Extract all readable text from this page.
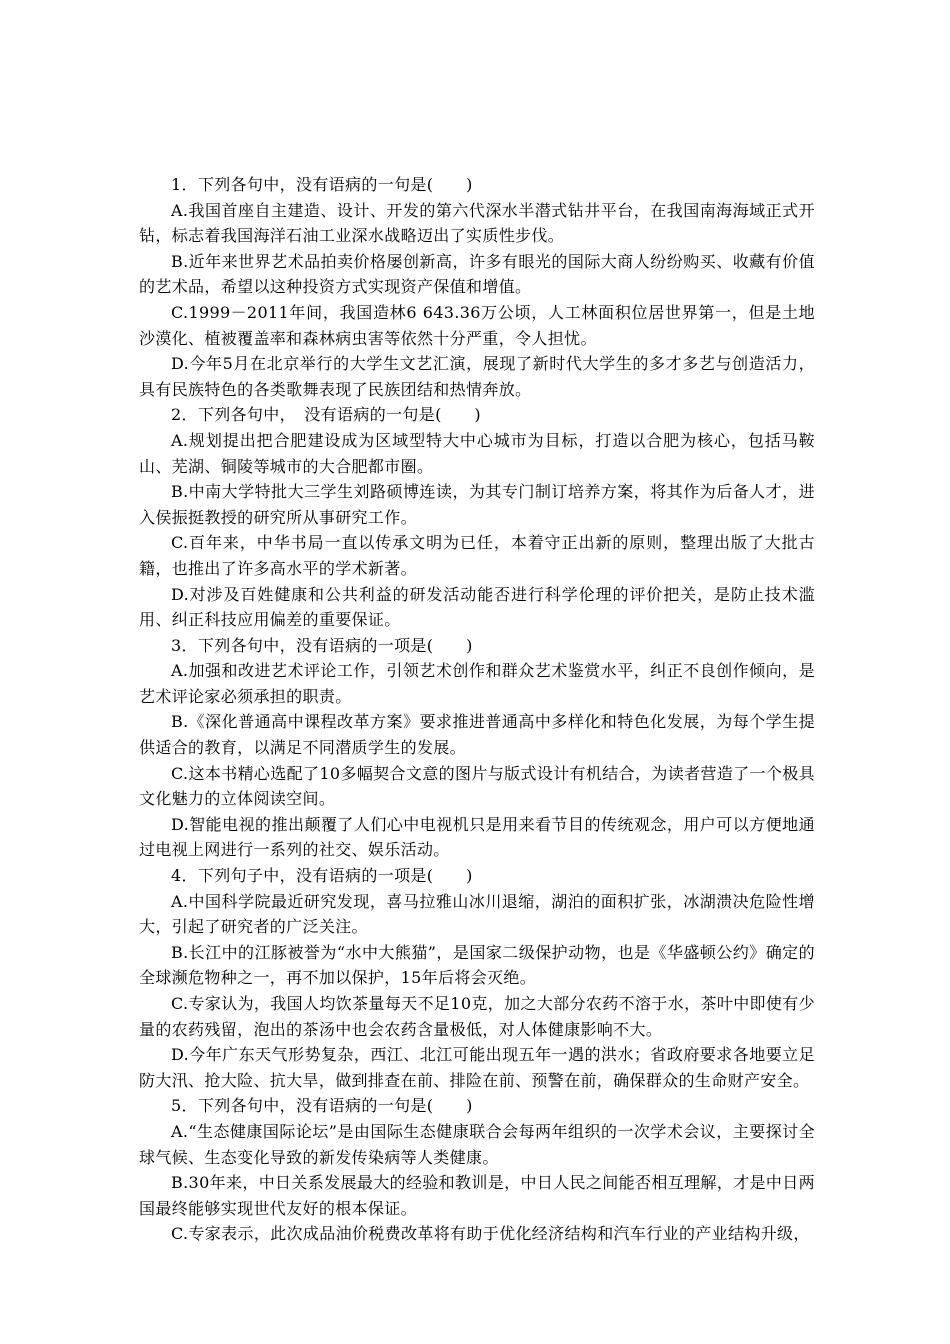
1．下列各句中，没有语病的一句是(　　)

A.我国首座自主建造、设计、开发的第六代深水半潜式钻井平台，在我国南海海域正式开钻，标志着我国海洋石油工业深水战略迈出了实质性步伐。

B.近年来世界艺术品拍卖价格屡创新高，许多有眼光的国际大商人纷纷购买、收藏有价值的艺术品，希望以这种投资方式实现资产保值和增值。

C.1999－2011年间，我国造林6 643.36万公顷，人工林面积位居世界第一，但是土地沙漠化、植被覆盖率和森林病虫害等依然十分严重，令人担忧。

D.今年5月在北京举行的大学生文艺汇演，展现了新时代大学生的多才多艺与创造活力，具有民族特色的各类歌舞表现了民族团结和热情奔放。

2．下列各句中，　没有语病的一句是(　　)

A.规划提出把合肥建设成为区域型特大中心城市为目标，打造以合肥为核心，包括马鞍山、芜湖、铜陵等城市的大合肥都市圈。

B.中南大学特批大三学生刘路硕博连读，为其专门制订培养方案，将其作为后备人才，进入侯振挺教授的研究所从事研究工作。

C.百年来，中华书局一直以传承文明为已任，本着守正出新的原则，整理出版了大批古籍，也推出了许多高水平的学术新著。

D.对涉及百姓健康和公共利益的研发活动能否进行科学伦理的评价把关，是防止技术滥用、纠正科技应用偏差的重要保证。

3．下列各句中，没有语病的一项是(　　)

A.加强和改进艺术评论工作，引领艺术创作和群众艺术鉴赏水平，纠正不良创作倾向，是艺术评论家必须承担的职责。

B.《深化普通高中课程改革方案》要求推进普通高中多样化和特色化发展，为每个学生提供适合的教育，以满足不同潜质学生的发展。

C.这本书精心选配了10多幅契合文意的图片与版式设计有机结合，为读者营造了一个极具文化魅力的立体阅读空间。

D.智能电视的推出颠覆了人们心中电视机只是用来看节目的传统观念，用户可以方便地通过电视上网进行一系列的社交、娱乐活动。

4．下列句子中，没有语病的一项是(　　)

A.中国科学院最近研究发现，喜马拉雅山冰川退缩，湖泊的面积扩张，冰湖溃决危险性增大，引起了研究者的广泛关注。

B.长江中的江豚被誉为“水中大熊猫”，是国家二级保护动物，也是《华盛顿公约》确定的全球濒危物种之一，再不加以保护，15年后将会灭绝。

C.专家认为，我国人均饮茶量每天不足10克，加之大部分农药不溶于水，茶叶中即使有少量的农药残留，泡出的茶汤中也会农药含量极低，对人体健康影响不大。

D.今年广东天气形势复杂，西江、北江可能出现五年一遇的洪水；省政府要求各地要立足防大汛、抢大险、抗大旱，做到排查在前、排险在前、预警在前，确保群众的生命财产安全。

5．下列各句中，没有语病的一句是(　　)

A.“生态健康国际论坛”是由国际生态健康联合会每两年组织的一次学术会议，主要探讨全球气候、生态变化导致的新发传染病等人类健康。

B.30年来，中日关系发展最大的经验和教训是，中日人民之间能否相互理解，才是中日两国最终能够实现世代友好的根本保证。

C.专家表示，此次成品油价税费改革将有助于优化经济结构和汽车行业的产业结构升级，
